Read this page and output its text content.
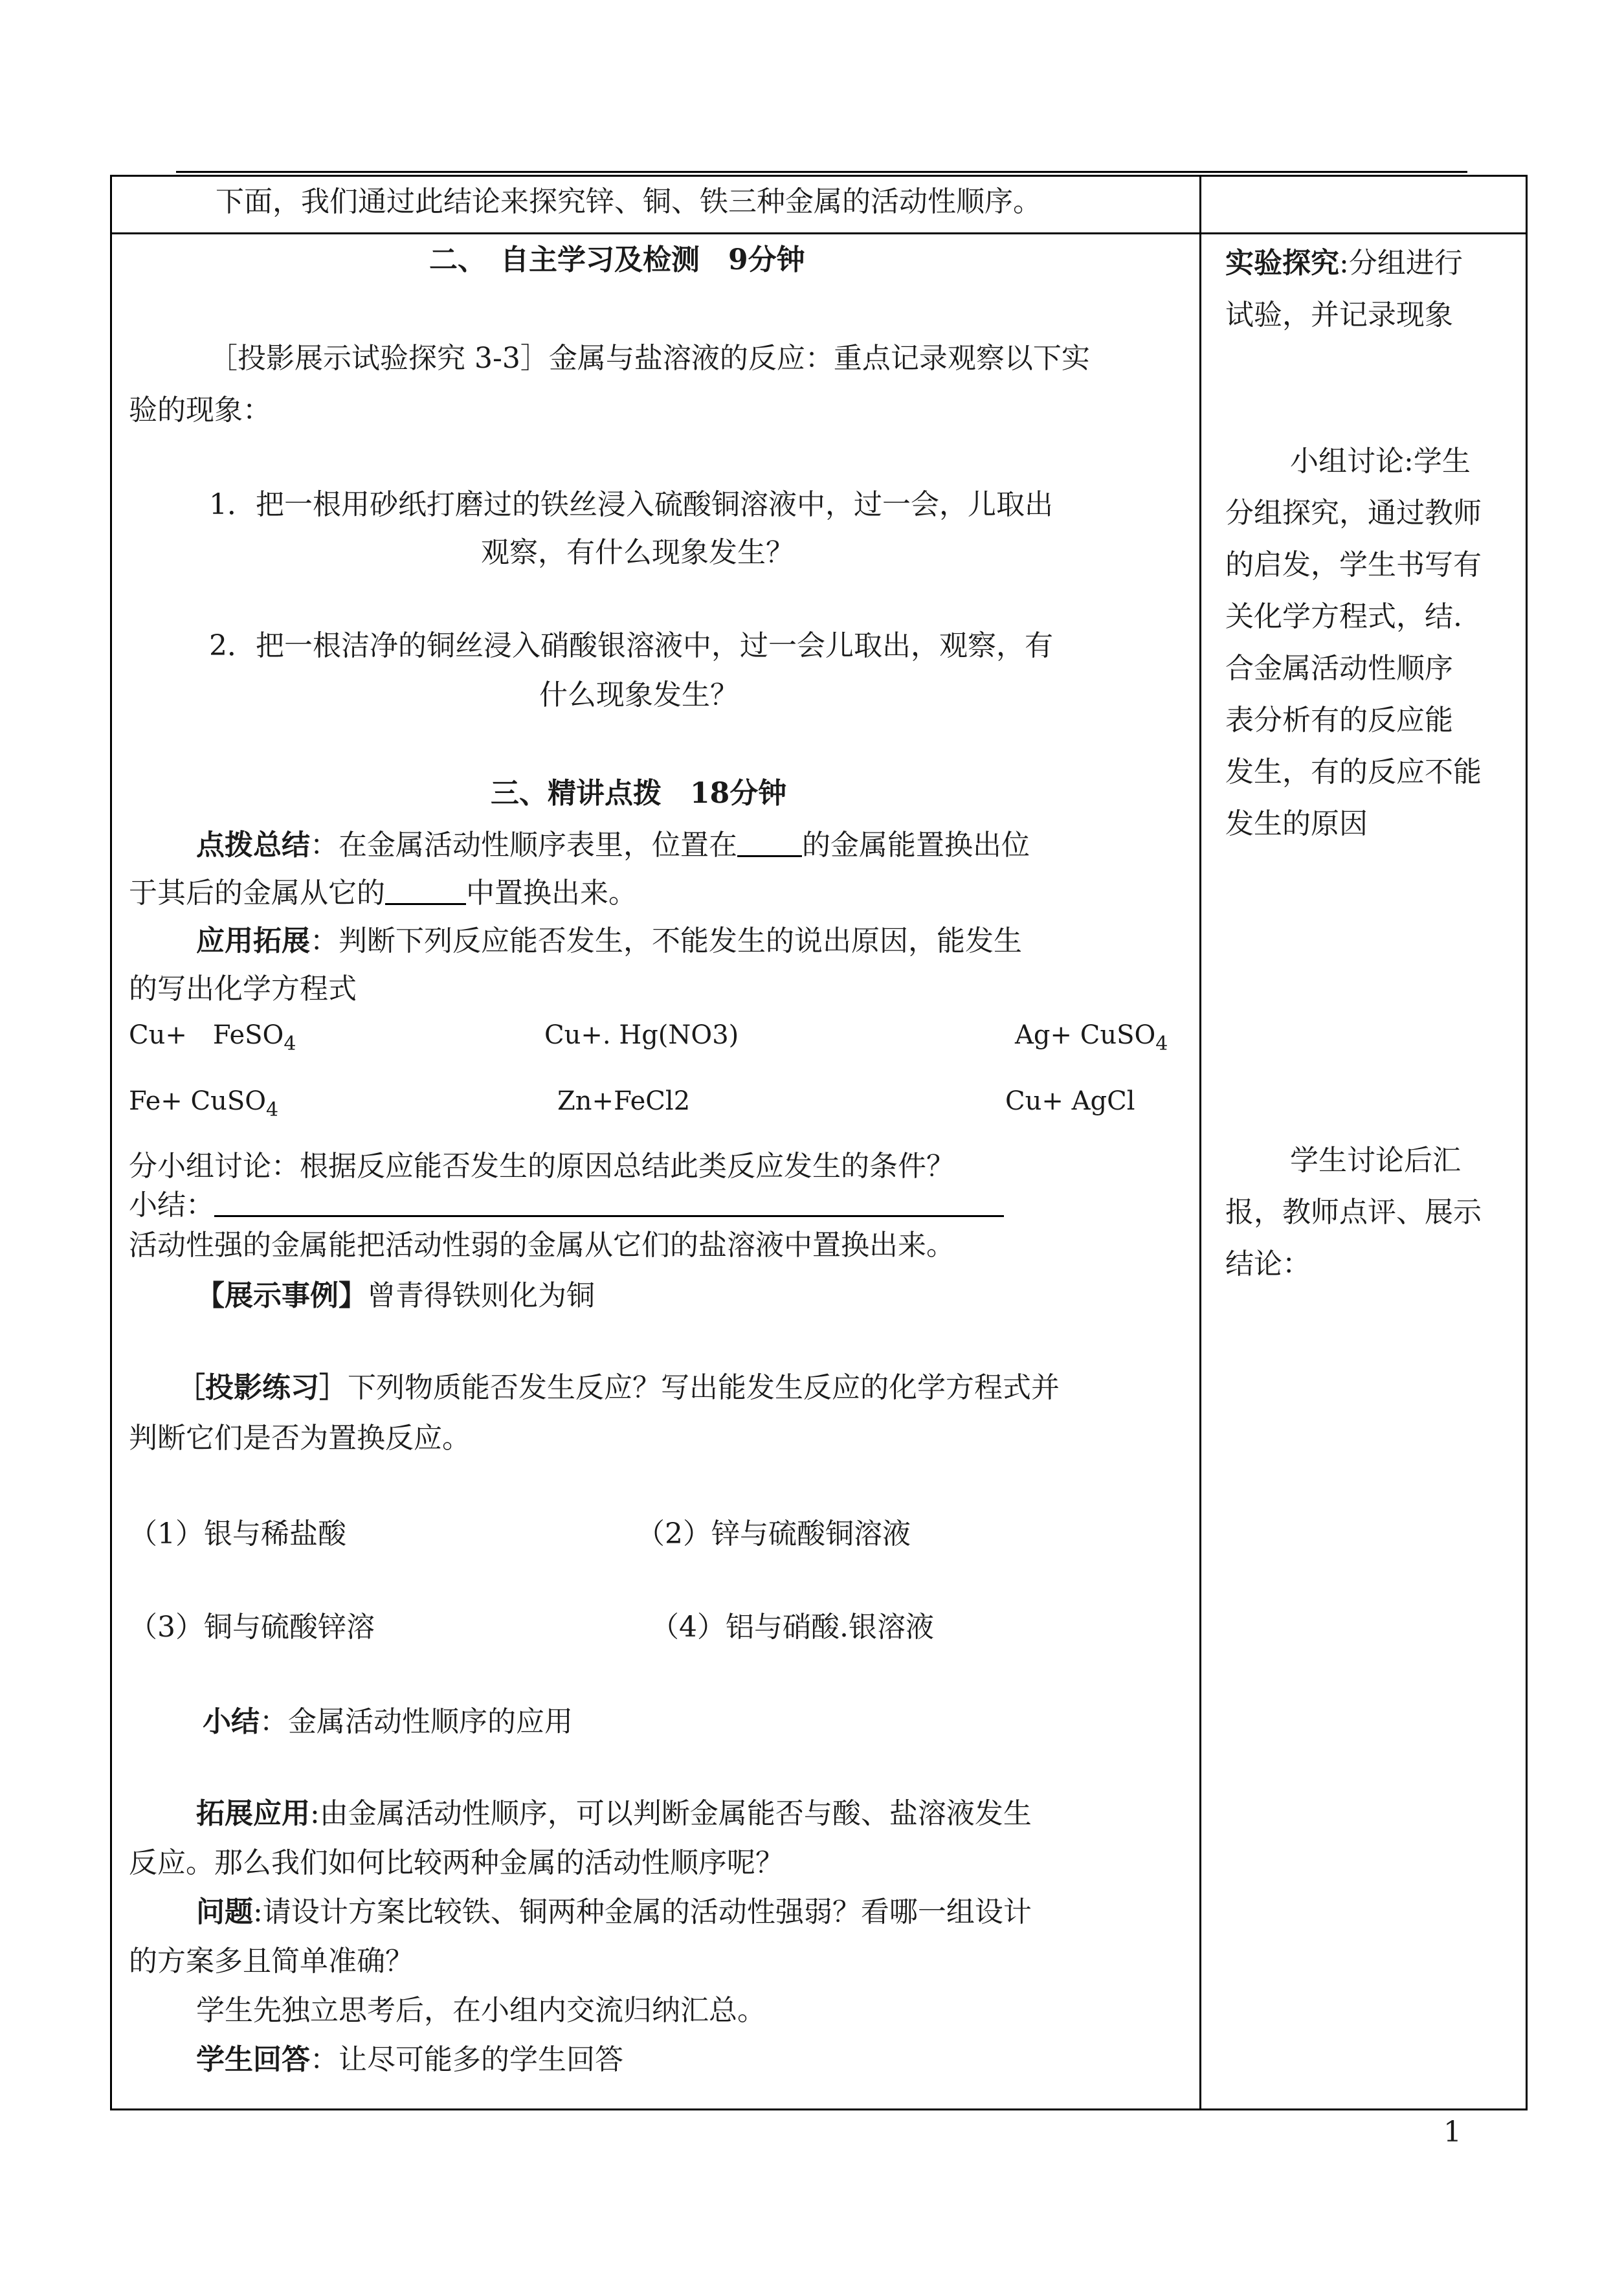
下面，我们通过此结论来探究锌、铜、铁三种金属的活动性顺序。
二、　自主学习及检测　9分钟
［投影展示试验探究 3-3］金属与盐溶液的反应：重点记录观察以下实
验的现象：
1．把一根用砂纸打磨过的铁丝浸入硫酸铜溶液中，过一会，儿取出
观察，有什么现象发生？
2．把一根洁净的铜丝浸入硝酸银溶液中，过一会儿取出，观察，有
什么现象发生？
三、精讲点拨　18分钟
点拨总结：在金属活动性顺序表里，位置在 的金属能置换出位
于其后的金属从它的	中置换出来。
应用拓展：判断下列反应能否发生，不能发生的说出原因，能发生
的写出化学方程式
Cu+　FeSO$_4$	Cu+. Hg(NO3)	Ag+ CuSO$_4$
Fe+ CuSO$_4$	Zn+FeCl2	Cu+ AgCl
分小组讨论：根据反应能否发生的原因总结此类反应发生的条件？
小结：
活动性强的金属能把活动性弱的金属从它们的盐溶液中置换出来。
【展示事例】曾青得铁则化为铜
［投影练习］下列物质能否发生反应？写出能发生反应的化学方程式并
判断它们是否为置换反应。
（1）银与稀盐酸	（2）锌与硫酸铜溶液
（3）铜与硫酸锌溶	（4）铝与硝酸.银溶液
小结：金属活动性顺序的应用
拓展应用:由金属活动性顺序，可以判断金属能否与酸、盐溶液发生
反应。那么我们如何比较两种金属的活动性顺序呢？
问题:请设计方案比较铁、铜两种金属的活动性强弱？看哪一组设计
的方案多且简单准确？
学生先独立思考后，在小组内交流归纳汇总。
学生回答：让尽可能多的学生回答
实验探究:分组进行
试验，并记录现象
小组讨论:学生
分组探究，通过教师
的启发，学生书写有
关化学方程式，结.
合金属活动性顺序
表分析有的反应能
发生，有的反应不能
发生的原因
学生讨论后汇
报，教师点评、展示
结论：
1
